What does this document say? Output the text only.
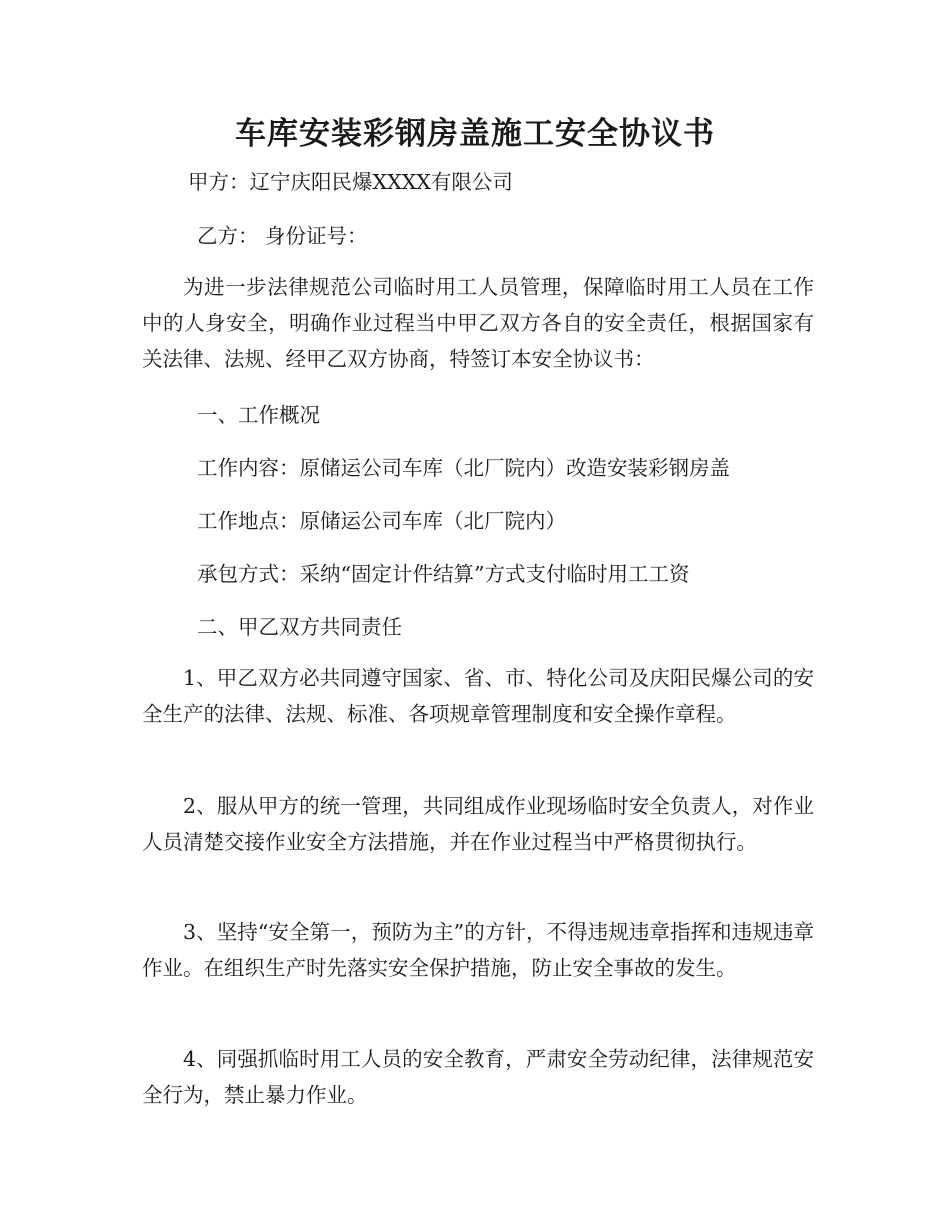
车库安装彩钢房盖施工安全协议书

甲方：辽宁庆阳民爆XXXX有限公司

乙方： 身份证号：

为进一步法律规范公司临时用工人员管理，保障临时用工人员在工作中的人身安全，明确作业过程当中甲乙双方各自的安全责任，根据国家有关法律、法规、经甲乙双方协商，特签订本安全协议书：

一、工作概况

工作内容：原储运公司车库（北厂院内）改造安装彩钢房盖

工作地点：原储运公司车库（北厂院内）

承包方式：采纳“固定计件结算”方式支付临时用工工资

二、甲乙双方共同责任

1、甲乙双方必共同遵守国家、省、市、特化公司及庆阳民爆公司的安全生产的法律、法规、标准、各项规章管理制度和安全操作章程。

2、服从甲方的统一管理，共同组成作业现场临时安全负责人，对作业人员清楚交接作业安全方法措施，并在作业过程当中严格贯彻执行。

3、坚持“安全第一，预防为主”的方针，不得违规违章指挥和违规违章作业。在组织生产时先落实安全保护措施，防止安全事故的发生。

4、同强抓临时用工人员的安全教育，严肃安全劳动纪律，法律规范安全行为，禁止暴力作业。
